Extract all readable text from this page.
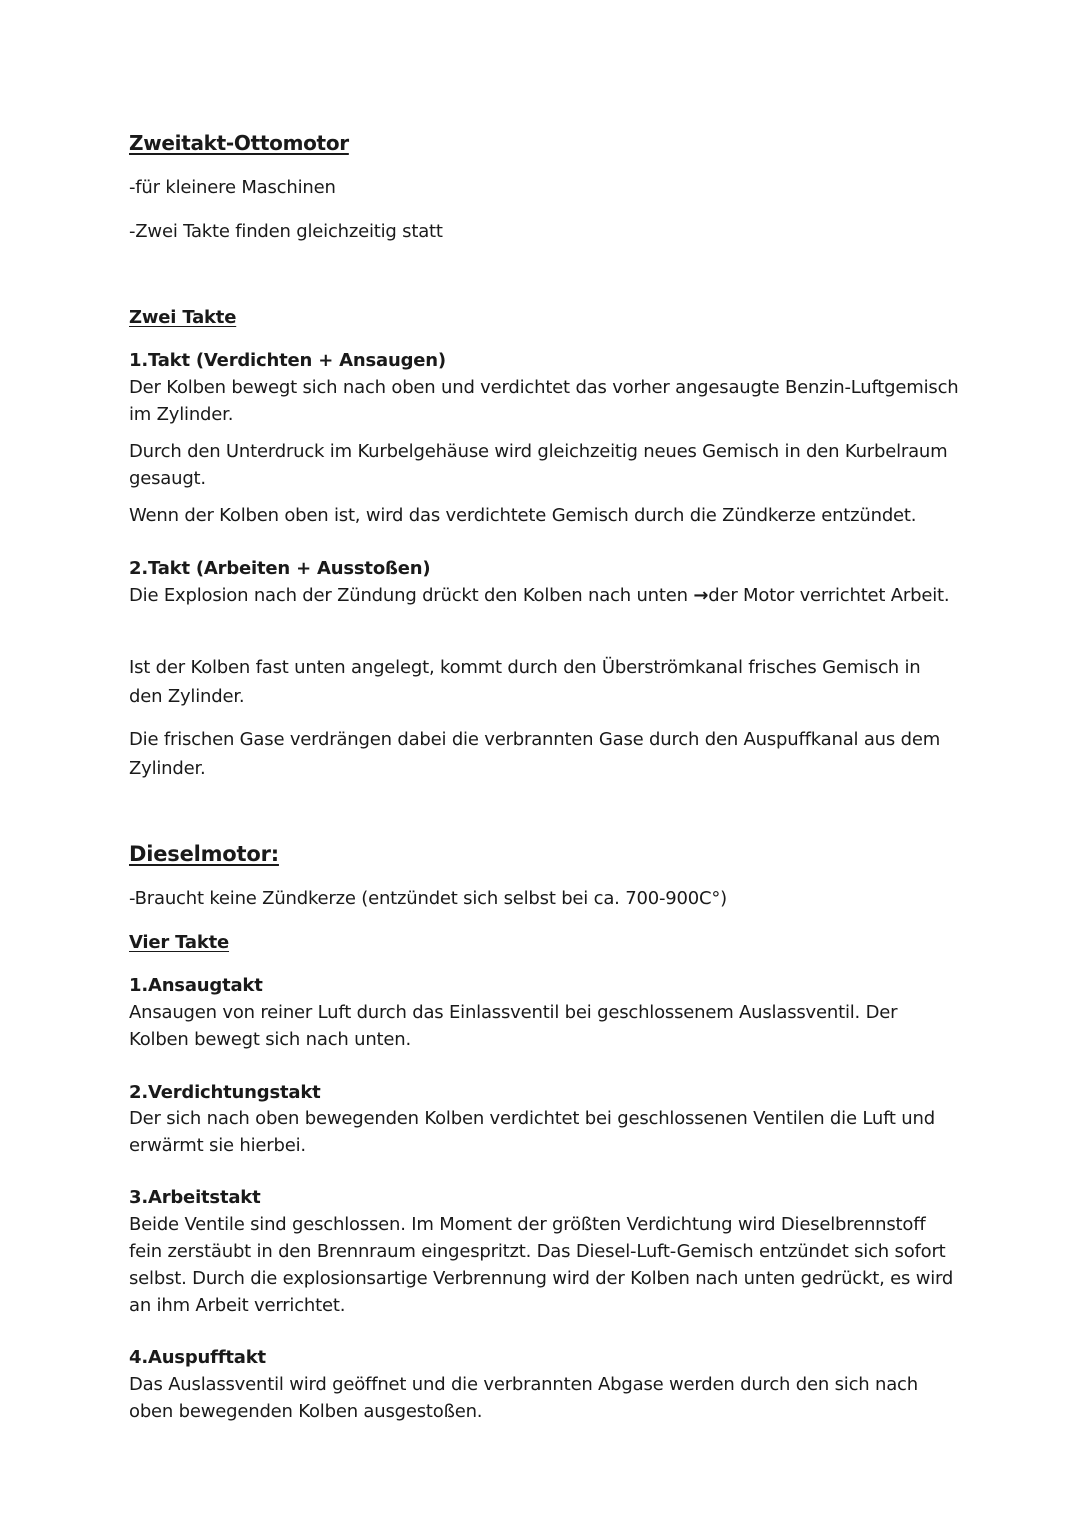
Zweitakt-Ottomotor

-für kleinere Maschinen

-Zwei Takte finden gleichzeitig statt

Zwei Takte

1.Takt (Verdichten + Ansaugen)

Der Kolben bewegt sich nach oben und verdichtet das vorher angesaugte Benzin-Luftgemisch im Zylinder.

Durch den Unterdruck im Kurbelgehäuse wird gleichzeitig neues Gemisch in den Kurbelraum gesaugt.

Wenn der Kolben oben ist, wird das verdichtete Gemisch durch die Zündkerze entzündet.

2.Takt (Arbeiten + Ausstoßen)

Die Explosion nach der Zündung drückt den Kolben nach unten →der Motor verrichtet Arbeit.

Ist der Kolben fast unten angelegt, kommt durch den Überströmkanal frisches Gemisch in den Zylinder.

Die frischen Gase verdrängen dabei die verbrannten Gase durch den Auspuffkanal aus dem Zylinder.

Dieselmotor:

-Braucht keine Zündkerze (entzündet sich selbst bei ca. 700-900C°)

Vier Takte

1.Ansaugtakt

Ansaugen von reiner Luft durch das Einlassventil bei geschlossenem Auslassventil. Der Kolben bewegt sich nach unten.

2.Verdichtungstakt

Der sich nach oben bewegenden Kolben verdichtet bei geschlossenen Ventilen die Luft und erwärmt sie hierbei.

3.Arbeitstakt

Beide Ventile sind geschlossen. Im Moment der größten Verdichtung wird Dieselbrennstoff fein zerstäubt in den Brennraum eingespritzt. Das Diesel-Luft-Gemisch entzündet sich sofort selbst. Durch die explosionsartige Verbrennung wird der Kolben nach unten gedrückt, es wird an ihm Arbeit verrichtet.

4.Auspufftakt

Das Auslassventil wird geöffnet und die verbrannten Abgase werden durch den sich nach oben bewegenden Kolben ausgestoßen.
